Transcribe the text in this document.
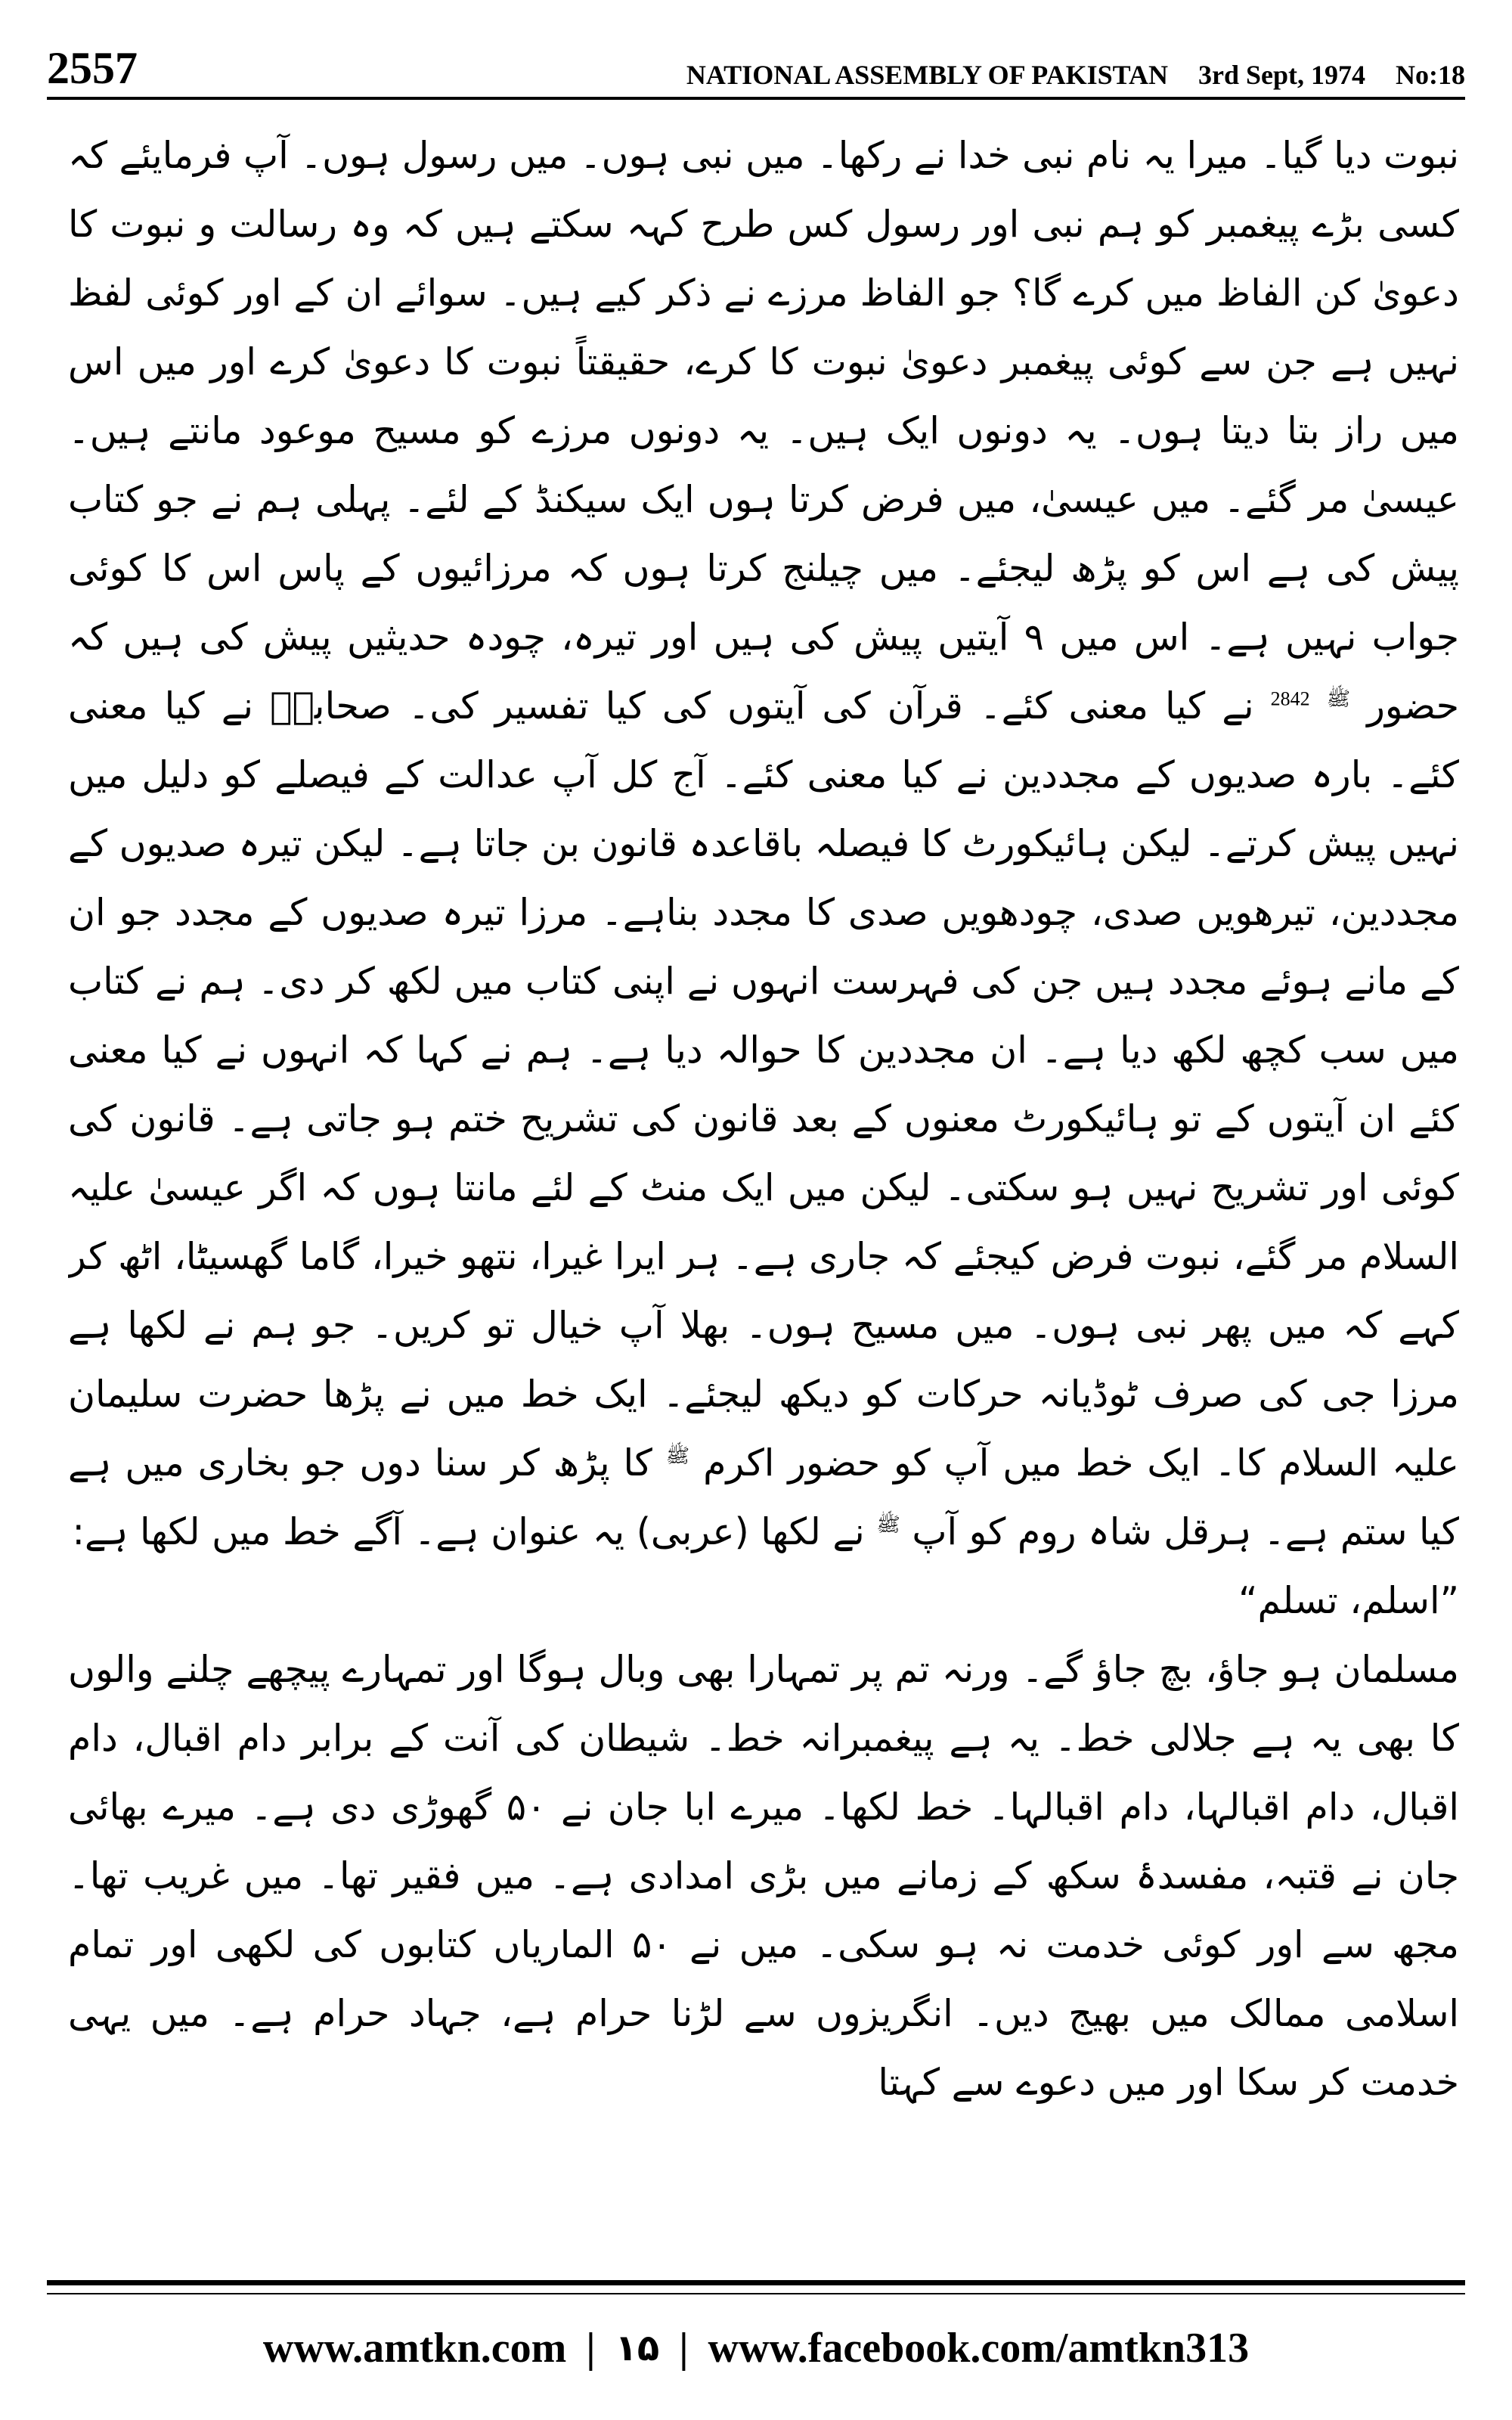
2557	NATIONAL ASSEMBLY OF PAKISTAN 3rd Sept, 1974 No:18

نبوت دیا گیا۔ میرا یہ نام نبی خدا نے رکھا۔ میں نبی ہوں۔ میں رسول ہوں۔ آپ فرمایئے کہ کسی بڑے پیغمبر کو ہم نبی اور رسول کس طرح کہہ سکتے ہیں کہ وہ رسالت و نبوت کا دعویٰ کن الفاظ میں کرے گا؟ جو الفاظ مرزے نے ذکر کیے ہیں۔ سوائے ان کے اور کوئی لفظ نہیں ہے جن سے کوئی پیغمبر دعویٰ نبوت کا کرے، حقیقتاً نبوت کا دعویٰ کرے اور میں اس میں راز بتا دیتا ہوں۔ یہ دونوں ایک ہیں۔ یہ دونوں مرزے کو مسیح موعود مانتے ہیں۔ عیسیٰ مر گئے۔ میں عیسیٰ، میں فرض کرتا ہوں ایک سیکنڈ کے لئے۔ پہلی ہم نے جو کتاب پیش کی ہے اس کو پڑھ لیجئے۔ میں چیلنج کرتا ہوں کہ مرزائیوں کے پاس اس کا کوئی جواب نہیں ہے۔ اس میں ۹ آیتیں پیش کی ہیں اور تیرہ، چودہ حدیثیں پیش کی ہیں کہ حضور $^ﷺ$ $^{2842}$ نے کیا معنی کئے۔ قرآن کی آیتوں کی کیا تفسیر کی۔ صحابہؓ نے کیا معنی کئے۔ بارہ صدیوں کے مجددین نے کیا معنی کئے۔ آج کل آپ عدالت کے فیصلے کو دلیل میں نہیں پیش کرتے۔ لیکن ہائیکورٹ کا فیصلہ باقاعدہ قانون بن جاتا ہے۔ لیکن تیرہ صدیوں کے مجددین، تیرھویں صدی، چودھویں صدی کا مجدد بناہے۔ مرزا تیرہ صدیوں کے مجدد جو ان کے مانے ہوئے مجدد ہیں جن کی فہرست انہوں نے اپنی کتاب میں لکھ کر دی۔ ہم نے کتاب میں سب کچھ لکھ دیا ہے۔ ان مجددین کا حوالہ دیا ہے۔ ہم نے کہا کہ انہوں نے کیا معنی کئے ان آیتوں کے تو ہائیکورٹ معنوں کے بعد قانون کی تشریح ختم ہو جاتی ہے۔ قانون کی کوئی اور تشریح نہیں ہو سکتی۔ لیکن میں ایک منٹ کے لئے مانتا ہوں کہ اگر عیسیٰ علیہ السلام مر گئے، نبوت فرض کیجئے کہ جاری ہے۔ ہر ایرا غیرا، نتھو خیرا، گاما گھسیٹا، اٹھ کر کہے کہ میں پھر نبی ہوں۔ میں مسیح ہوں۔ بھلا آپ خیال تو کریں۔ جو ہم نے لکھا ہے مرزا جی کی صرف ٹوڈیانہ حرکات کو دیکھ لیجئے۔ ایک خط میں نے پڑھا حضرت سلیمان علیہ السلام کا۔ ایک خط میں آپ کو حضور اکرم $^ﷺ$ کا پڑھ کر سنا دوں جو بخاری میں ہے کیا ستم ہے۔ ہرقل شاہ روم کو آپ $^ﷺ$ نے لکھا (عربی) یہ عنوان ہے۔ آگے خط میں لکھا ہے:

”اسلم، تسلم“

مسلمان ہو جاؤ، بچ جاؤ گے۔ ورنہ تم پر تمہارا بھی وبال ہوگا اور تمہارے پیچھے چلنے والوں کا بھی یہ ہے جلالی خط۔ یہ ہے پیغمبرانہ خط۔ شیطان کی آنت کے برابر دام اقبال، دام اقبال، دام اقبالہا، دام اقبالہا۔ خط لکھا۔ میرے ابا جان نے ۵۰ گھوڑی دی ہے۔ میرے بھائی جان نے قتبہ، مفسدۂ سکھ کے زمانے میں بڑی امدادی ہے۔ میں فقیر تھا۔ میں غریب تھا۔ مجھ سے اور کوئی خدمت نہ ہو سکی۔ میں نے ۵۰ الماریاں کتابوں کی لکھی اور تمام اسلامی ممالک میں بھیج دیں۔ انگریزوں سے لڑنا حرام ہے، جہاد حرام ہے۔ میں یہی خدمت کر سکا اور میں دعوے سے کہتا

www.amtkn.com | ۱۵ | www.facebook.com/amtkn313
